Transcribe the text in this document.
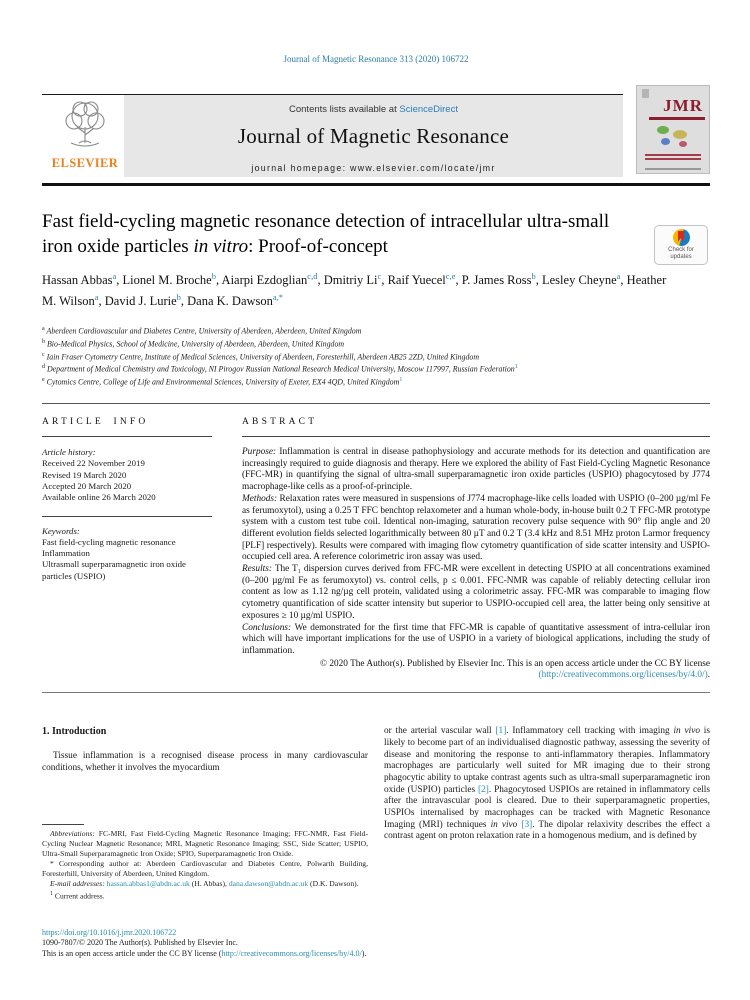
Journal of Magnetic Resonance 313 (2020) 106722
ELSEVIER
Contents lists available at ScienceDirect
Journal of Magnetic Resonance
journal homepage: www.elsevier.com/locate/jmr
JMR
Fast field-cycling magnetic resonance detection of intracellular ultra-small iron oxide particles in vitro: Proof-of-concept	Check for
updates
Hassan Abbas$^a$, Lionel M. Broche$^b$, Aiarpi Ezdoglian$^{c,d}$, Dmitriy Li$^c$, Raif Yuecel$^{c,e}$, P. James Ross$^b$, Lesley Cheyne$^a$, Heather M. Wilson$^a$, David J. Lurie$^b$, Dana K. Dawson$^{a,*}$
$^a$ Aberdeen Cardiovascular and Diabetes Centre, University of Aberdeen, Aberdeen, United Kingdom
$^b$ Bio-Medical Physics, School of Medicine, University of Aberdeen, Aberdeen, United Kingdom
$^c$ Iain Fraser Cytometry Centre, Institute of Medical Sciences, University of Aberdeen, Foresterhill, Aberdeen AB25 2ZD, United Kingdom
$^d$ Department of Medical Chemistry and Toxicology, NI Pirogov Russian National Research Medical University, Moscow 117997, Russian Federation$^1$
$^e$ Cytomics Centre, College of Life and Environmental Sciences, University of Exeter, EX4 4QD, United Kingdom$^1$
ARTICLE INFO
Article history:
Received 22 November 2019
Revised 19 March 2020
Accepted 20 March 2020
Available online 26 March 2020
Keywords:
Fast field-cycling magnetic resonance
Inflammation
Ultrasmall superparamagnetic iron oxide particles (USPIO)
ABSTRACT
Purpose: Inflammation is central in disease pathophysiology and accurate methods for its detection and quantification are increasingly required to guide diagnosis and therapy. Here we explored the ability of Fast Field-Cycling Magnetic Resonance (FFC-MR) in quantifying the signal of ultra-small superparamagnetic iron oxide particles (USPIO) phagocytosed by J774 macrophage-like cells as a proof-of-principle.
Methods: Relaxation rates were measured in suspensions of J774 macrophage-like cells loaded with USPIO (0–200 µg/ml Fe as ferumoxytol), using a 0.25 T FFC benchtop relaxometer and a human whole-body, in-house built 0.2 T FFC-MR prototype system with a custom test tube coil. Identical non-imaging, saturation recovery pulse sequence with 90° flip angle and 20 different evolution fields selected logarithmically between 80 µT and 0.2 T (3.4 kHz and 8.51 MHz proton Larmor frequency [PLF] respectively). Results were compared with imaging flow cytometry quantification of side scatter intensity and USPIO-occupied cell area. A reference colorimetric iron assay was used.
Results: The T₁ dispersion curves derived from FFC-MR were excellent in detecting USPIO at all concentrations examined (0–200 µg/ml Fe as ferumoxytol) vs. control cells, p ≤ 0.001. FFC-NMR was capable of reliably detecting cellular iron content as low as 1.12 ng/µg cell protein, validated using a colorimetric assay. FFC-MR was comparable to imaging flow cytometry quantification of side scatter intensity but superior to USPIO-occupied cell area, the latter being only sensitive at exposures ≥ 10 µg/ml USPIO.
Conclusions: We demonstrated for the first time that FFC-MR is capable of quantitative assessment of intra-cellular iron which will have important implications for the use of USPIO in a variety of biological applications, including the study of inflammation.
© 2020 The Author(s). Published by Elsevier Inc. This is an open access article under the CC BY license (http://creativecommons.org/licenses/by/4.0/).
1. Introduction
Tissue inflammation is a recognised disease process in many cardiovascular conditions, whether it involves the myocardium
Abbreviations: FC-MRI, Fast Field-Cycling Magnetic Resonance Imaging; FFC-NMR, Fast Field-Cycling Nuclear Magnetic Resonance; MRI, Magnetic Resonance Imaging; SSC, Side Scatter; USPIO, Ultra-Small Superparamagnetic Iron Oxide; SPIO, Superparamagnetic Iron Oxide.
* Corresponding author at: Aberdeen Cardiovascular and Diabetes Centre, Polwarth Building, Foresterhill, University of Aberdeen, United Kingdom.
E-mail addresses: hassan.abbas1@abdn.ac.uk (H. Abbas), dana.dawson@abdn.ac.uk (D.K. Dawson).
$^1$ Current address.
or the arterial vascular wall [1]. Inflammatory cell tracking with imaging in vivo is likely to become part of an individualised diagnostic pathway, assessing the severity of disease and monitoring the response to anti-inflammatory therapies. Inflammatory macrophages are particularly well suited for MR imaging due to their strong phagocytic ability to uptake contrast agents such as ultra-small superparamagnetic iron oxide (USPIO) particles [2]. Phagocytosed USPIOs are retained in inflammatory cells after the intravascular pool is cleared. Due to their superparamagnetic properties, USPIOs internalised by macrophages can be tracked with Magnetic Resonance Imaging (MRI) techniques in vivo [3]. The dipolar relaxivity describes the effect a contrast agent on proton relaxation rate in a homogenous medium, and is defined by
https://doi.org/10.1016/j.jmr.2020.106722
1090-7807/© 2020 The Author(s). Published by Elsevier Inc.
This is an open access article under the CC BY license (http://creativecommons.org/licenses/by/4.0/).
